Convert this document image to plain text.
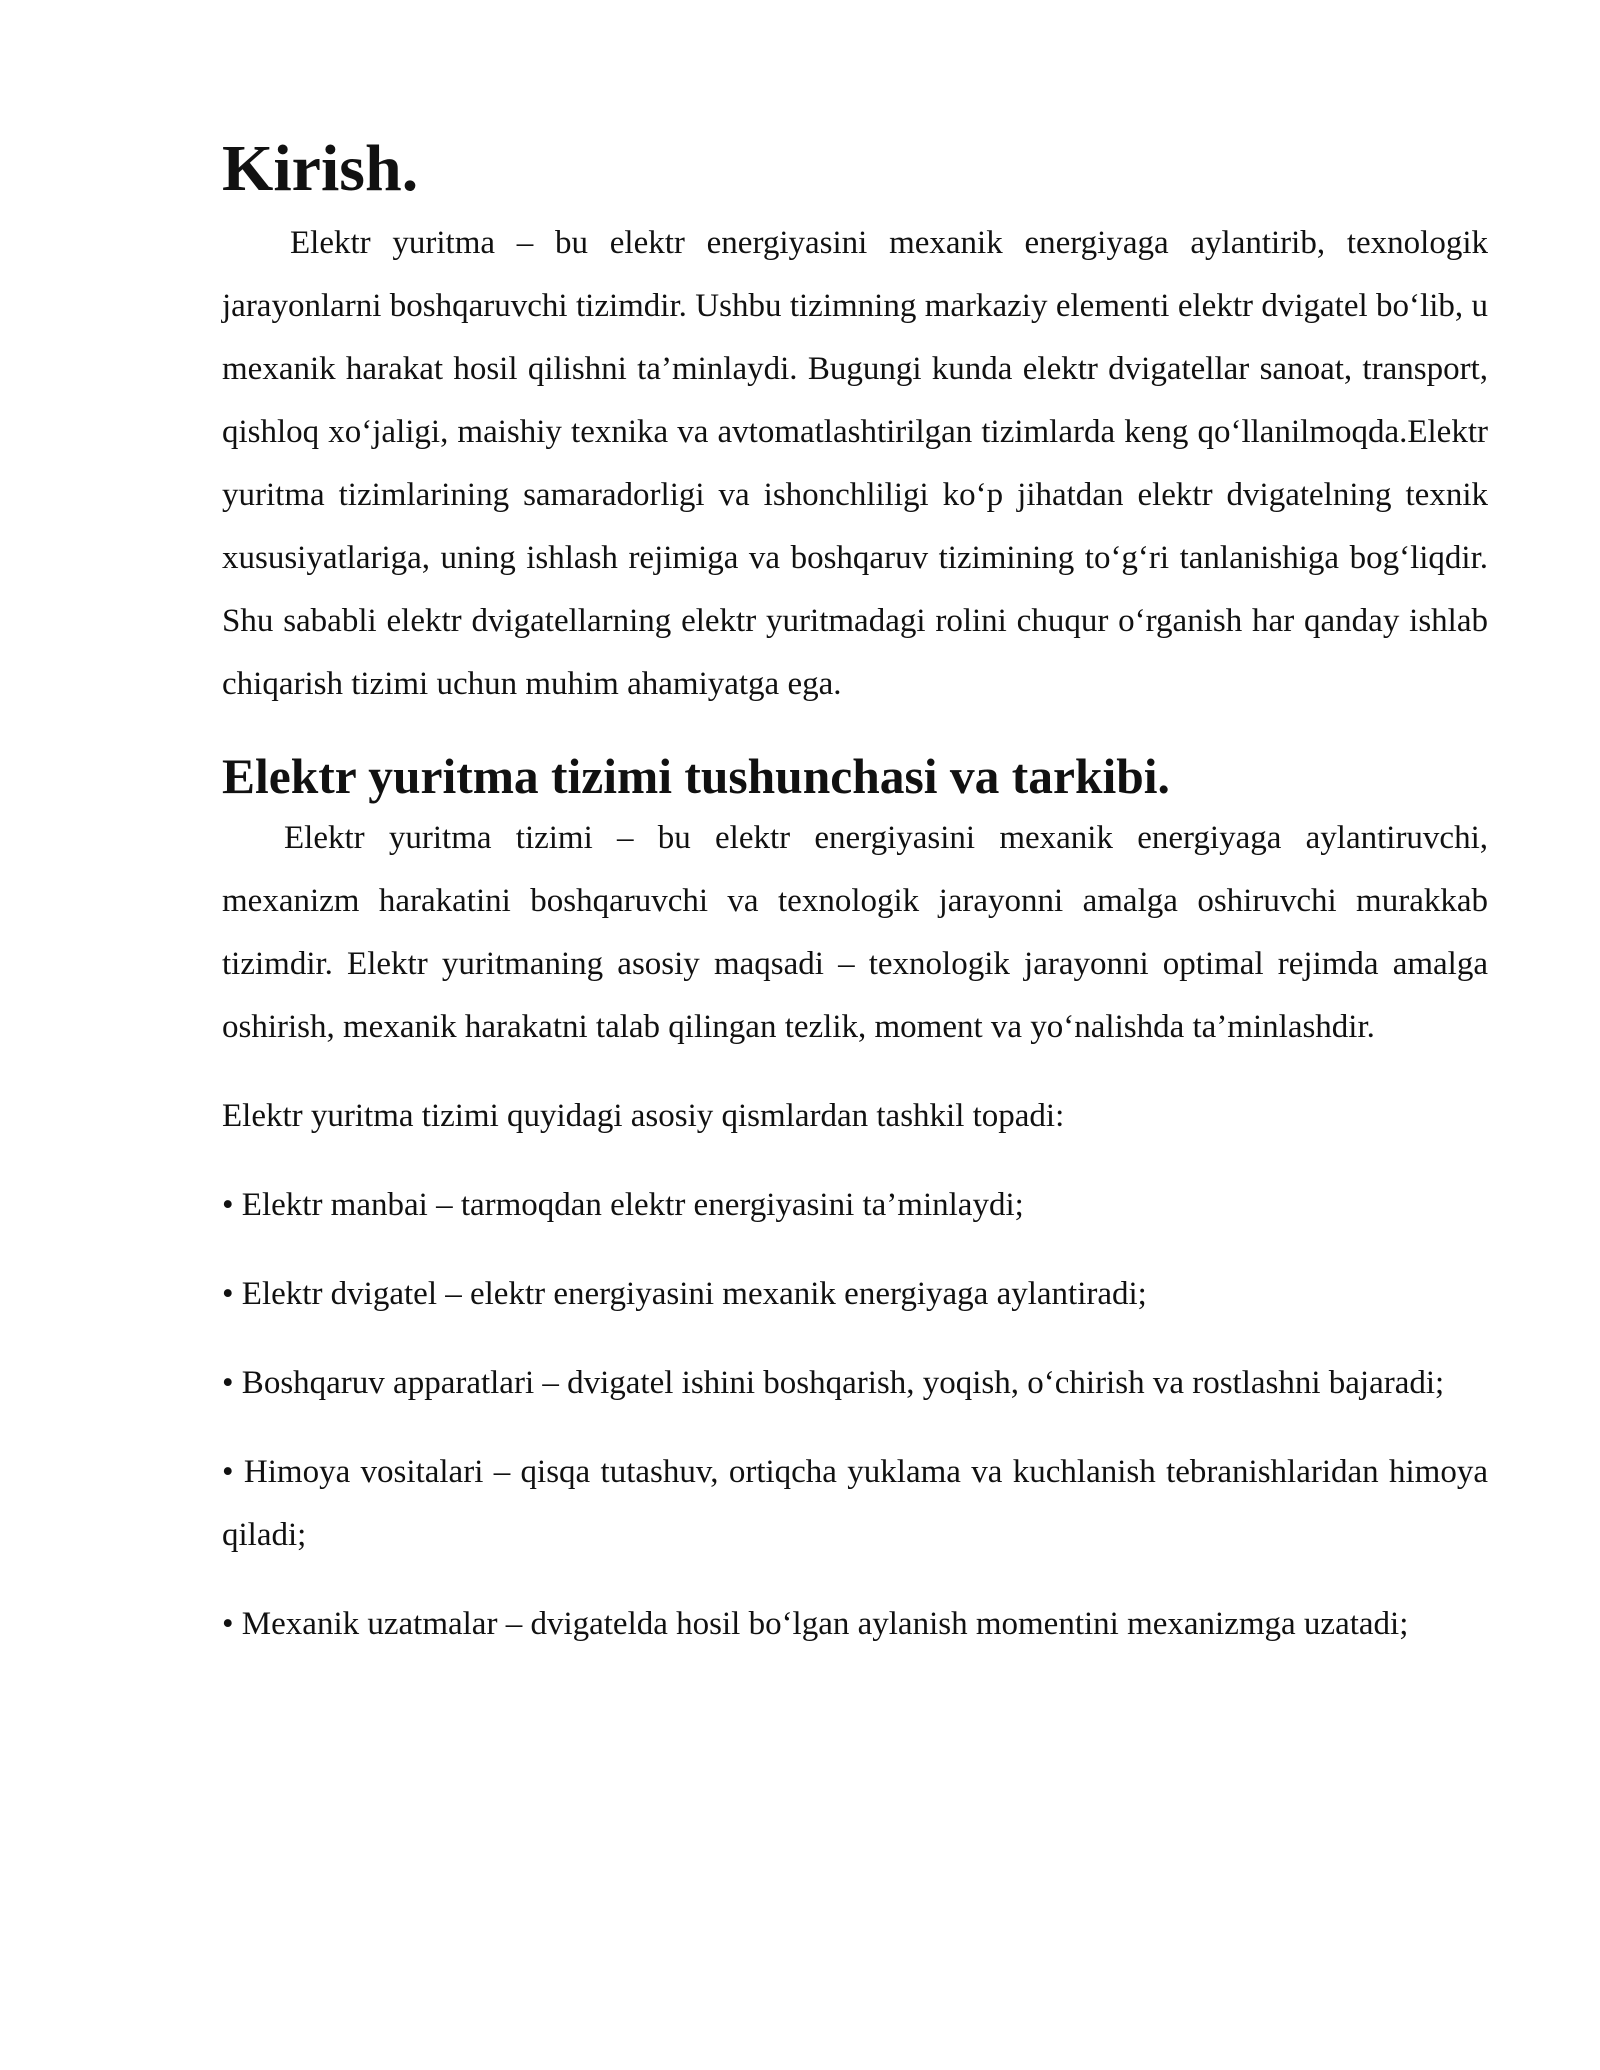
Kirish.

Elektr yuritma – bu elektr energiyasini mexanik energiyaga aylantirib, texnologik jarayonlarni boshqaruvchi tizimdir. Ushbu tizimning markaziy elementi elektr dvigatel bo‘lib, u mexanik harakat hosil qilishni ta’minlaydi. Bugungi kunda elektr dvigatellar sanoat, transport, qishloq xo‘jaligi, maishiy texnika va avtomatlashtirilgan tizimlarda keng qo‘llanilmoqda.Elektr yuritma tizimlarining samaradorligi va ishonchliligi ko‘p jihatdan elektr dvigatelning texnik xususiyatlariga, uning ishlash rejimiga va boshqaruv tizimining to‘g‘ri tanlanishiga bog‘liqdir. Shu sababli elektr dvigatellarning elektr yuritmadagi rolini chuqur o‘rganish har qanday ishlab chiqarish tizimi uchun muhim ahamiyatga ega.

Elektr yuritma tizimi tushunchasi va tarkibi.

Elektr yuritma tizimi – bu elektr energiyasini mexanik energiyaga aylantiruvchi, mexanizm harakatini boshqaruvchi va texnologik jarayonni amalga oshiruvchi murakkab tizimdir. Elektr yuritmaning asosiy maqsadi – texnologik jarayonni optimal rejimda amalga oshirish, mexanik harakatni talab qilingan tezlik, moment va yo‘nalishda ta’minlashdir.

Elektr yuritma tizimi quyidagi asosiy qismlardan tashkil topadi:

• Elektr manbai – tarmoqdan elektr energiyasini ta’minlaydi;

• Elektr dvigatel – elektr energiyasini mexanik energiyaga aylantiradi;

• Boshqaruv apparatlari – dvigatel ishini boshqarish, yoqish, o‘chirish va rostlashni bajaradi;

• Himoya vositalari – qisqa tutashuv, ortiqcha yuklama va kuchlanish tebranishlaridan himoya qiladi;

• Mexanik uzatmalar – dvigatelda hosil bo‘lgan aylanish momentini mexanizmga uzatadi;
